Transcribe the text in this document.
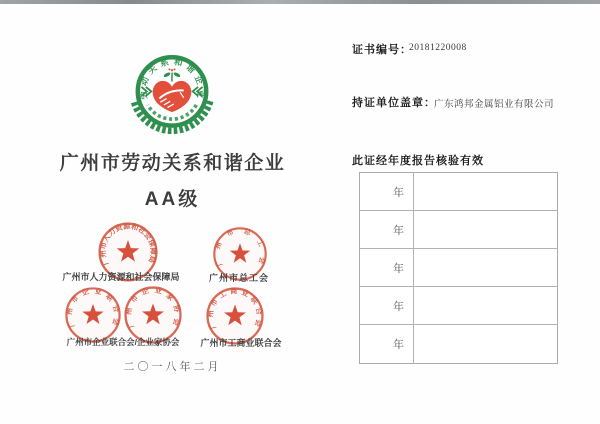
劳动关系和谐企业
广州市劳动关系和谐企业
AA级
广州市人力资源和社会保障局	广州市总工会
广州市企业联合会 广州市企业家协会	广州市工商业联合会
广州市人力资源和社会保障局	广州市总工会
广州市企业联合会/企业家协会	广州市工商业联合会
二〇一八年二月
证书编号：
20181220008
持证单位盖章：
广东鸿邦金属铝业有限公司
此证经年度报告核验有效
年
年
年
年
年
